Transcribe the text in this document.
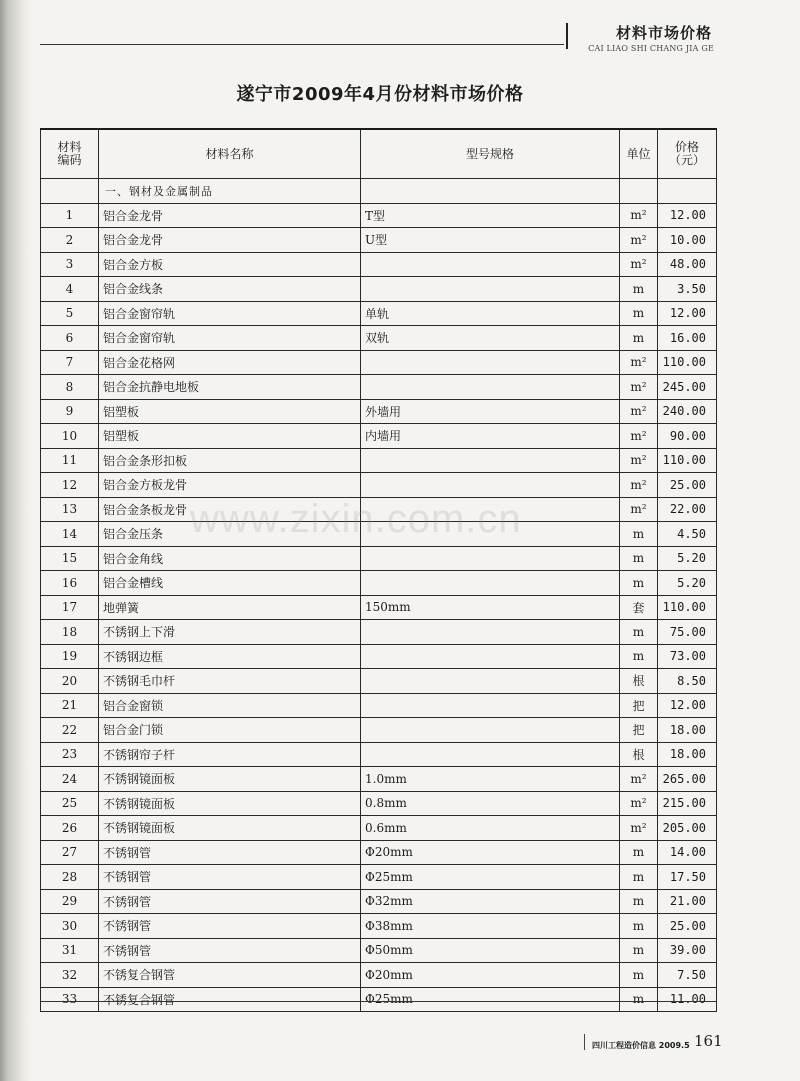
材料市场价格
CAI LIAO SHI CHANG JIA GE
遂宁市2009年4月份材料市场价格
材料
编码	材料名称	型号规格	单位	价格
（元）
	一、钢材及金属制品			
1	铝合金龙骨	T型	m²	12.00
2	铝合金龙骨	U型	m²	10.00
3	铝合金方板		m²	48.00
4	铝合金线条		m	3.50
5	铝合金窗帘轨	单轨	m	12.00
6	铝合金窗帘轨	双轨	m	16.00
7	铝合金花格网		m²	110.00
8	铝合金抗静电地板		m²	245.00
9	铝塑板	外墙用	m²	240.00
10	铝塑板	内墙用	m²	90.00
11	铝合金条形扣板		m²	110.00
12	铝合金方板龙骨		m²	25.00
13	铝合金条板龙骨		m²	22.00
14	铝合金压条		m	4.50
15	铝合金角线		m	5.20
16	铝合金槽线		m	5.20
17	地弹簧	150mm	套	110.00
18	不锈钢上下滑		m	75.00
19	不锈钢边框		m	73.00
20	不锈钢毛巾杆		根	8.50
21	铝合金窗锁		把	12.00
22	铝合金门锁		把	18.00
23	不锈钢帘子杆		根	18.00
24	不锈钢镜面板	1.0mm	m²	265.00
25	不锈钢镜面板	0.8mm	m²	215.00
26	不锈钢镜面板	0.6mm	m²	205.00
27	不锈钢管	Φ20mm	m	14.00
28	不锈钢管	Φ25mm	m	17.50
29	不锈钢管	Φ32mm	m	21.00
30	不锈钢管	Φ38mm	m	25.00
31	不锈钢管	Φ50mm	m	39.00
32	不锈复合钢管	Φ20mm	m	7.50
33	不锈复合钢管	Φ25mm	m	11.00
www.zixin.com.cn
四川工程造价信息 2009.5 161
